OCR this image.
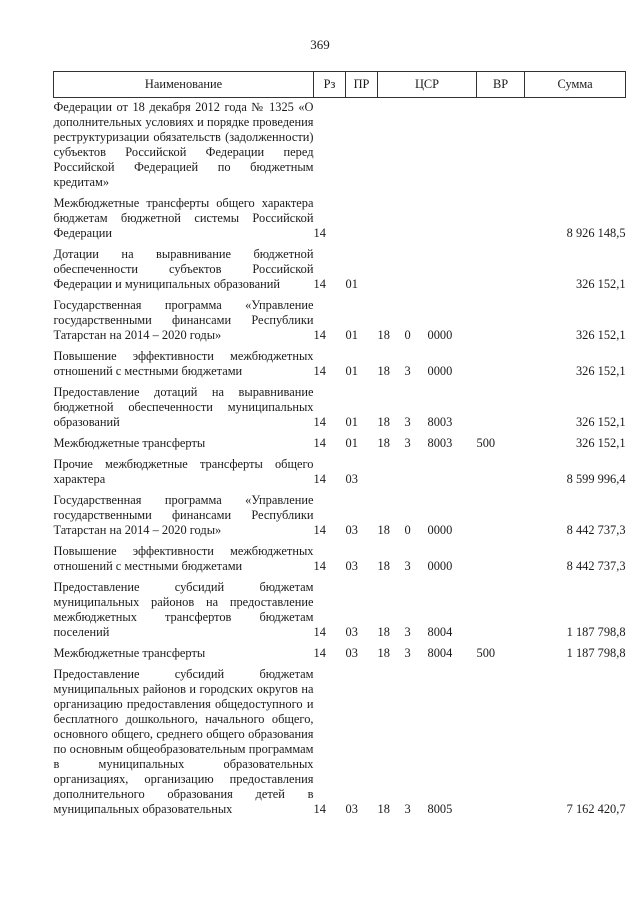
369
Наименование	Рз	ПР	ЦСР			ВР	Сумма
Федерации от 18 декабря 2012 года № 1325 «О дополнительных условиях и порядке проведения реструктуризации обязательств (задолженности) субъектов Российской Федерации перед Российской Федерацией по бюджетным кредитам»							
Межбюджетные трансферты общего характера бюджетам бюджетной системы Российской Федерации	14						8 926 148,5
Дотации на выравнивание бюджетной обеспеченности субъектов Российской Федерации и муниципальных образований	14	01					326 152,1
Государственная программа «Управление государственными финансами Республики Татарстан на 2014 – 2020 годы»	14	01	18	0	0000		326 152,1
Повышение эффективности межбюджетных отношений с местными бюджетами	14	01	18	3	0000		326 152,1
Предоставление дотаций на выравнивание бюджетной обеспеченности муниципальных образований	14	01	18	3	8003		326 152,1
Межбюджетные трансферты	14	01	18	3	8003	500	326 152,1
Прочие межбюджетные трансферты общего характера	14	03					8 599 996,4
Государственная программа «Управление государственными финансами Республики Татарстан на 2014 – 2020 годы»	14	03	18	0	0000		8 442 737,3
Повышение эффективности межбюджетных отношений с местными бюджетами	14	03	18	3	0000		8 442 737,3
Предоставление субсидий бюджетам муниципальных районов на предоставление межбюджетных трансфертов бюджетам поселений	14	03	18	3	8004		1 187 798,8
Межбюджетные трансферты	14	03	18	3	8004	500	1 187 798,8
Предоставление субсидий бюджетам муниципальных районов и городских округов на организацию предоставления общедоступного и бесплатного дошкольного, начального общего, основного общего, среднего общего образования по основным общеобразовательным программам в муниципальных образовательных организациях, организацию предоставления дополнительного образования детей в муниципальных образовательных	14	03	18	3	8005		7 162 420,7
